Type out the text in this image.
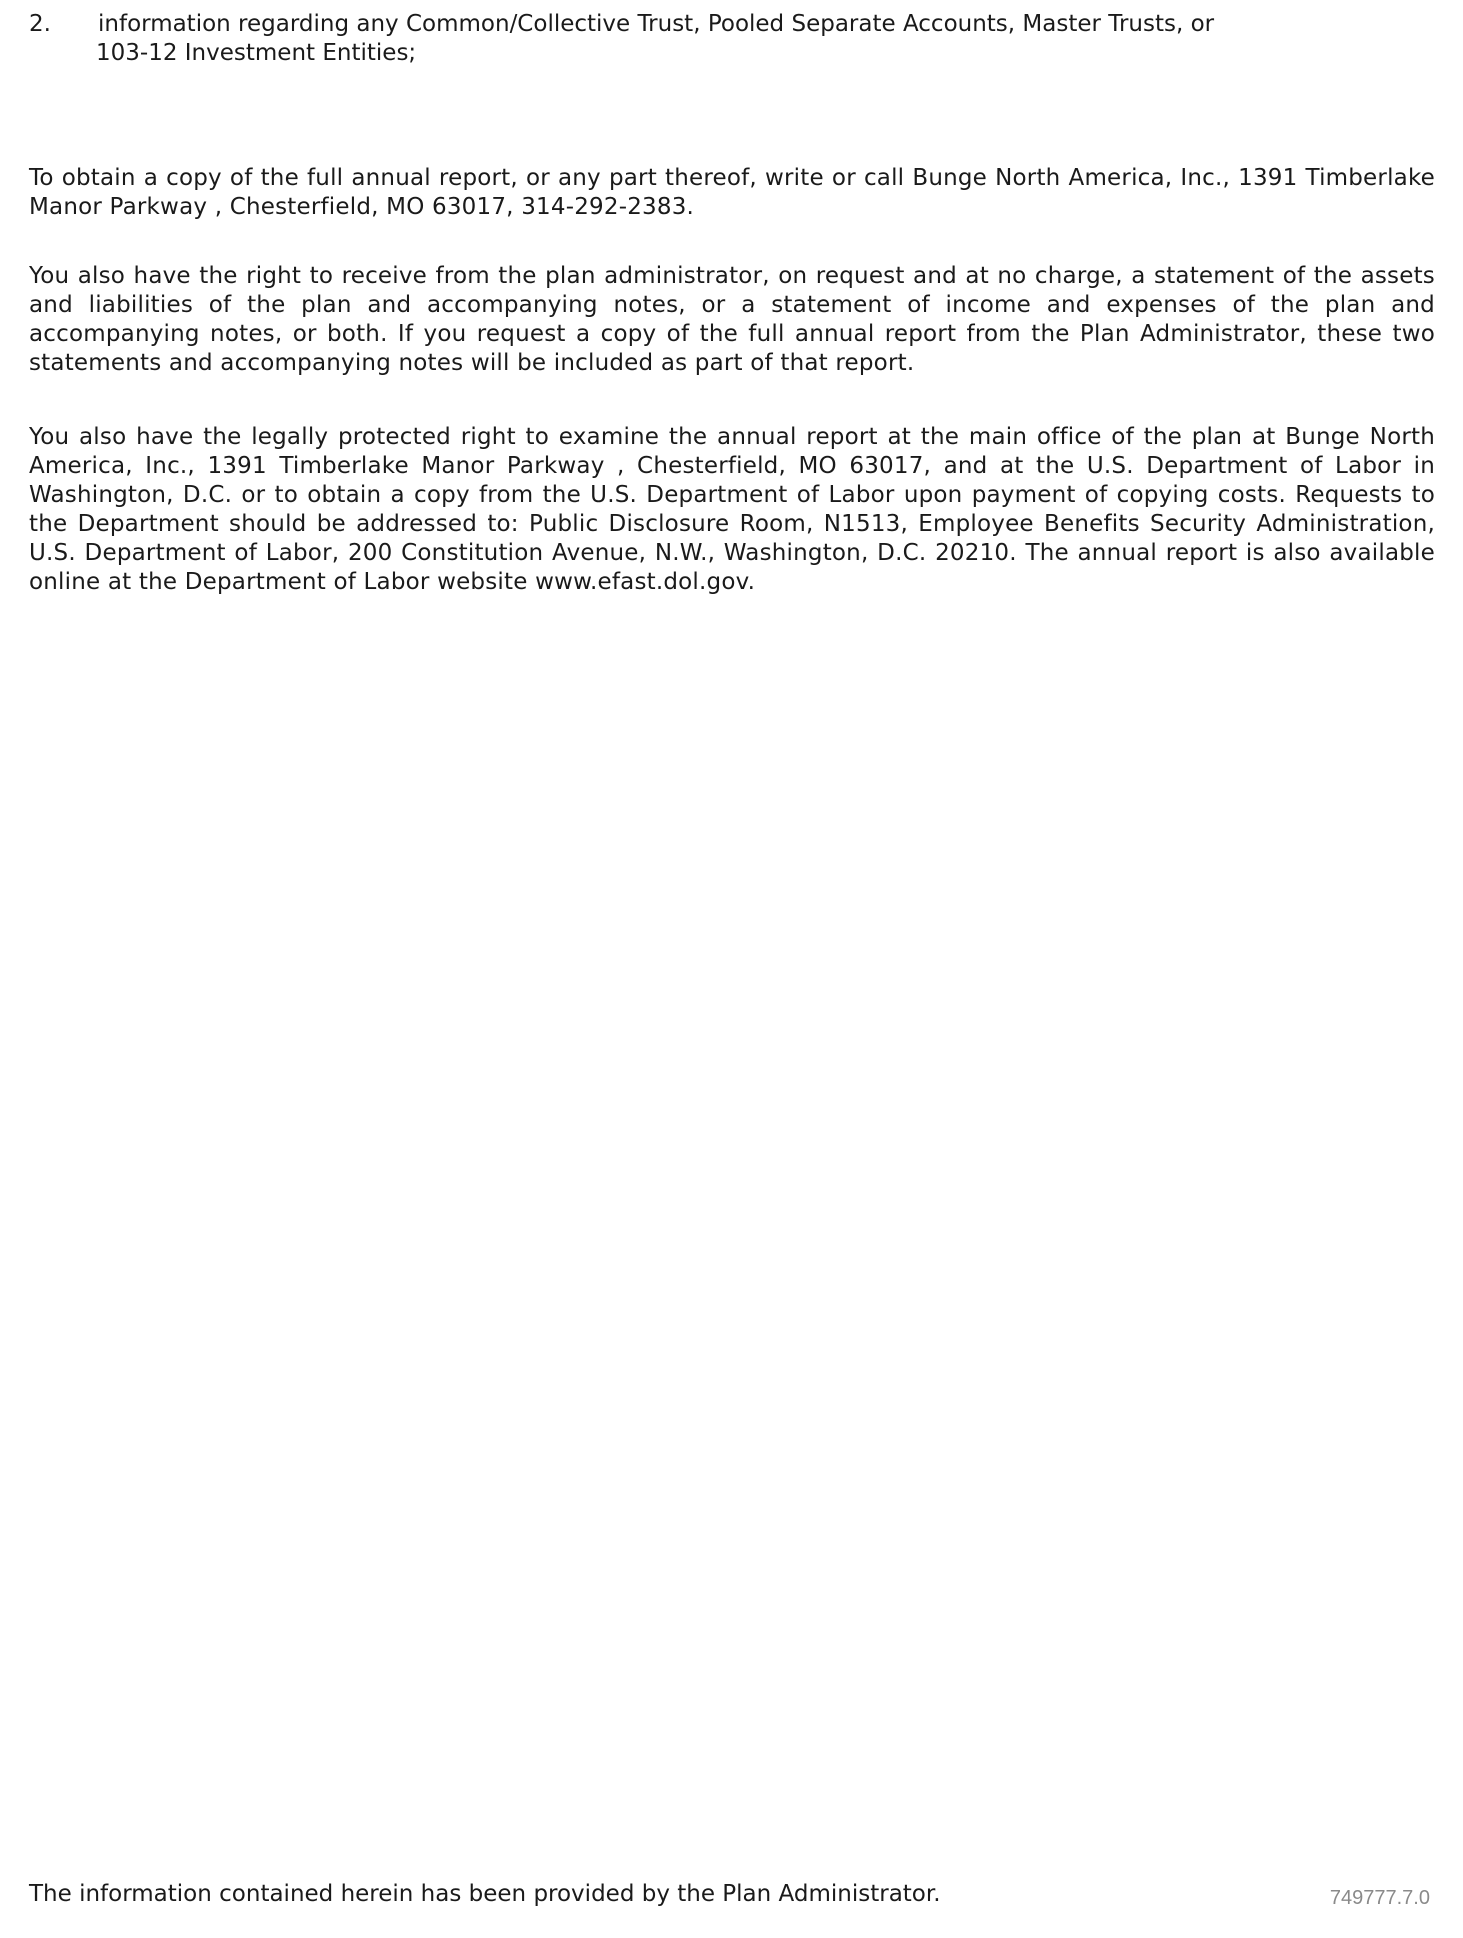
2. information regarding any Common/Collective Trust, Pooled Separate Accounts, Master Trusts, or
103-12 Investment Entities;

To obtain a copy of the full annual report, or any part thereof, write or call Bunge North America, Inc., 1391 Timberlake Manor Parkway , Chesterfield, MO 63017, 314-292-2383.

You also have the right to receive from the plan administrator, on request and at no charge, a statement of the assets and liabilities of the plan and accompanying notes, or a statement of income and expenses of the plan and accompanying notes, or both. If you request a copy of the full annual report from the Plan Administrator, these two statements and accompanying notes will be included as part of that report.

You also have the legally protected right to examine the annual report at the main office of the plan at Bunge North America, Inc., 1391 Timberlake Manor Parkway , Chesterfield, MO 63017, and at the U.S. Department of Labor in Washington, D.C. or to obtain a copy from the U.S. Department of Labor upon payment of copying costs. Requests to the Department should be addressed to: Public Disclosure Room, N1513, Employee Benefits Security Administration, U.S. Department of Labor, 200 Constitution Avenue, N.W., Washington, D.C. 20210. The annual report is also available online at the Department of Labor website www.efast.dol.gov.

The information contained herein has been provided by the Plan Administrator.	749777.7.0
